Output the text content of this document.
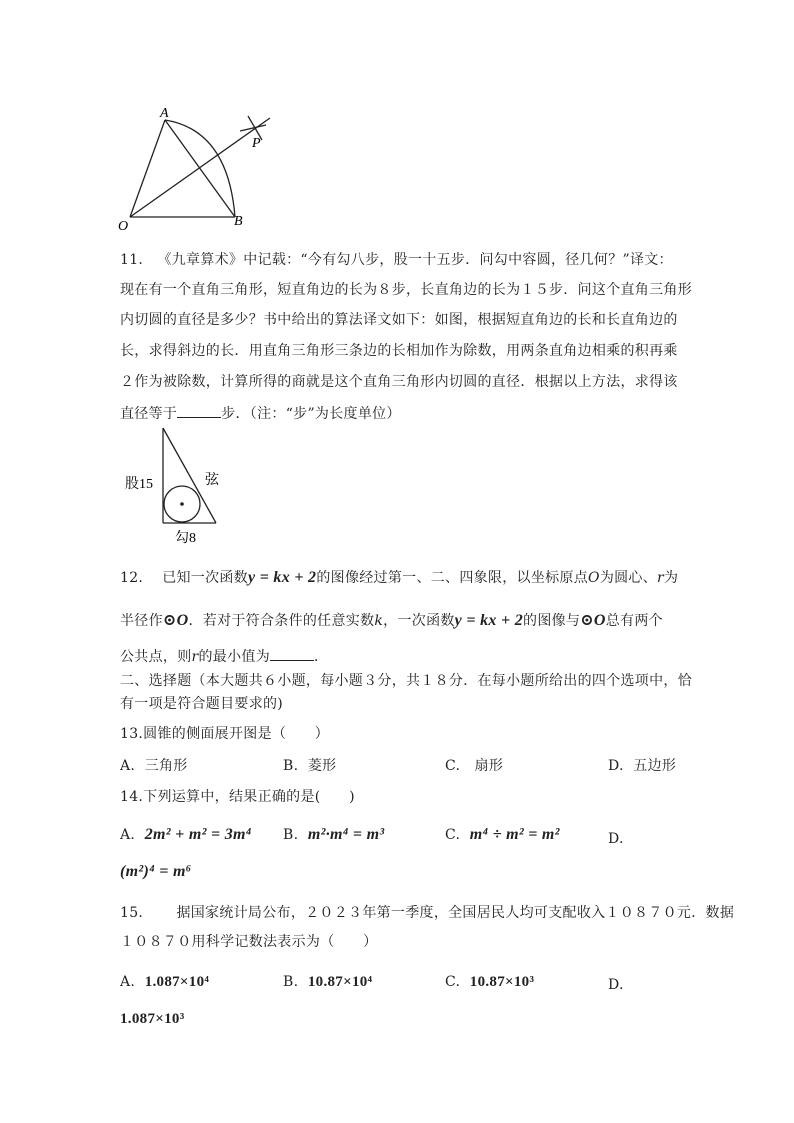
A
P
O	B
11. 《九章算术》中记载：“今有勾八步，股一十五步．问勾中容圆，径几何？”译文：
现在有一个直角三角形，短直角边的长为８步，长直角边的长为１５步．问这个直角三角形
内切圆的直径是多少？书中给出的算法译文如下：如图，根据短直角边的长和长直角边的
长，求得斜边的长．用直角三角形三条边的长相加作为除数，用两条直角边相乘的积再乘
２作为被除数，计算所得的商就是这个直角三角形内切圆的直径．根据以上方法，求得该
直径等于	步．（注：“步”为长度单位）
股15	弦
勾8
12. 已知一次函数y = kx + 2的图像经过第一、二、四象限，以坐标原点O为圆心、r为
半径作⊙O．若对于符合条件的任意实数k，一次函数y = kx + 2的图像与⊙O总有两个
公共点，则r的最小值为	．
二、选择题（本大题共６小题，每小题３分，共１８分．在每小题所给出的四个选项中，恰
有一项是符合题目要求的)
13.圆锥的侧面展开图是（　　）
A. 三角形	B. 菱形	C. 扇形	D. 五边形
14.下列运算中，结果正确的是(　　)
A. 2m² + m² = 3m⁴ B. m²·m⁴ = m³	C. m⁴ ÷ m² = m²	D.
(m²)⁴ = m⁶
15. 据国家统计局公布，２０２３年第一季度，全国居民人均可支配收入１０８７０元．数据
１０８７０用科学记数法表示为（　　）
A. 1.087×10⁴	B. 10.87×10⁴	C. 10.87×10³	D.
1.087×10³
